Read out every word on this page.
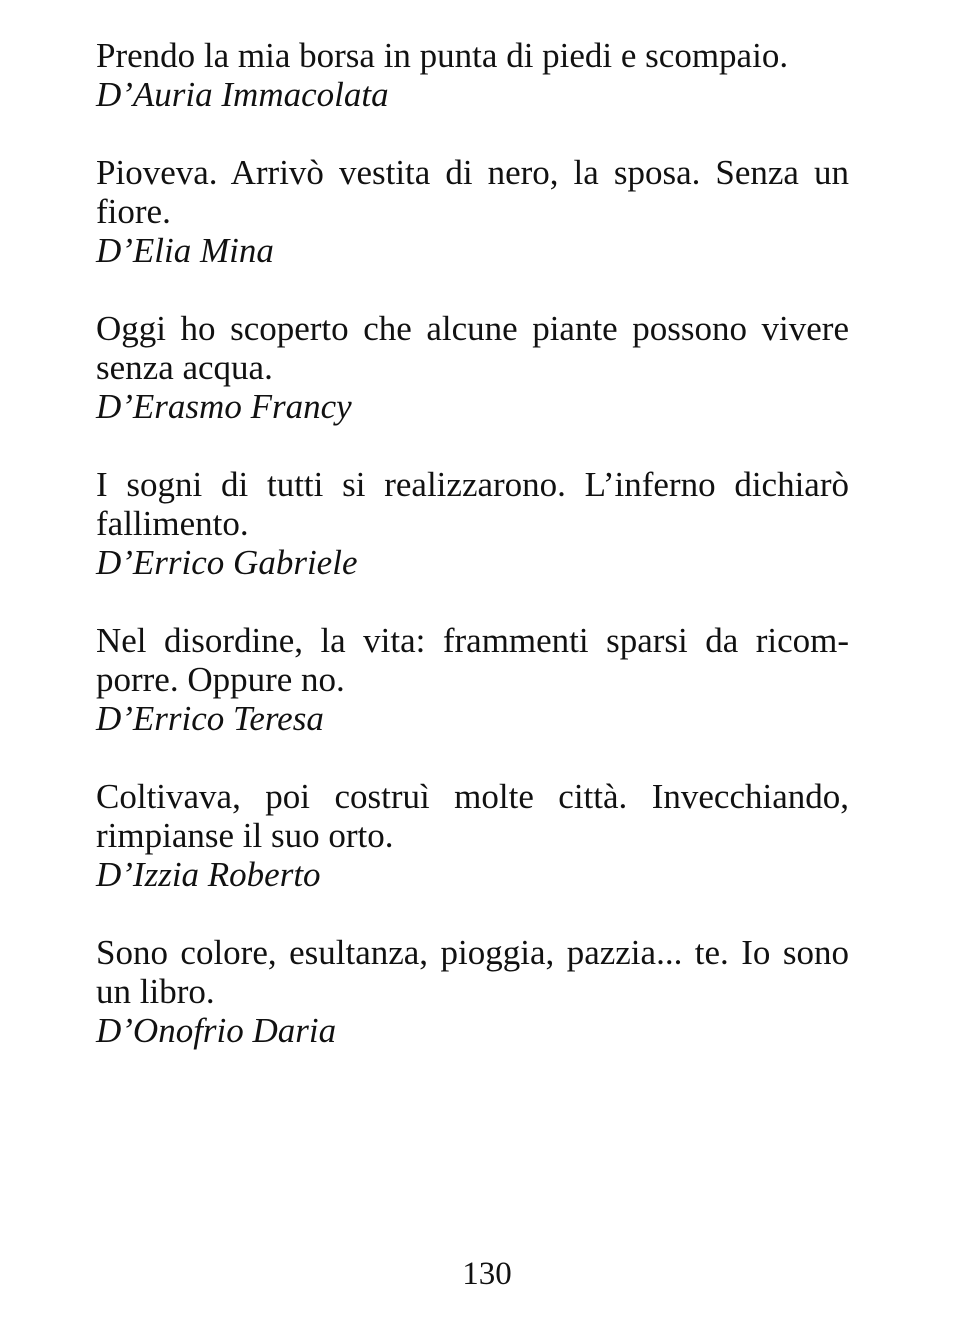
Prendo la mia borsa in punta di piedi e scompaio.

D’Auria Immacolata

Pioveva. Arrivò vestita di nero, la sposa. Senza un
fiore.

D’Elia Mina

Oggi ho scoperto che alcune piante possono vivere
senza acqua.

D’Erasmo Francy

I sogni di tutti si realizzarono. L’inferno dichiarò
fallimento.

D’Errico Gabriele

Nel disordine, la vita: frammenti sparsi da ricom-
porre. Oppure no.

D’Errico Teresa

Coltivava, poi costruì molte città. Invecchiando,
rimpianse il suo orto.

D’Izzia Roberto

Sono colore, esultanza, pioggia, pazzia... te. Io sono
un libro.

D’Onofrio Daria

130
